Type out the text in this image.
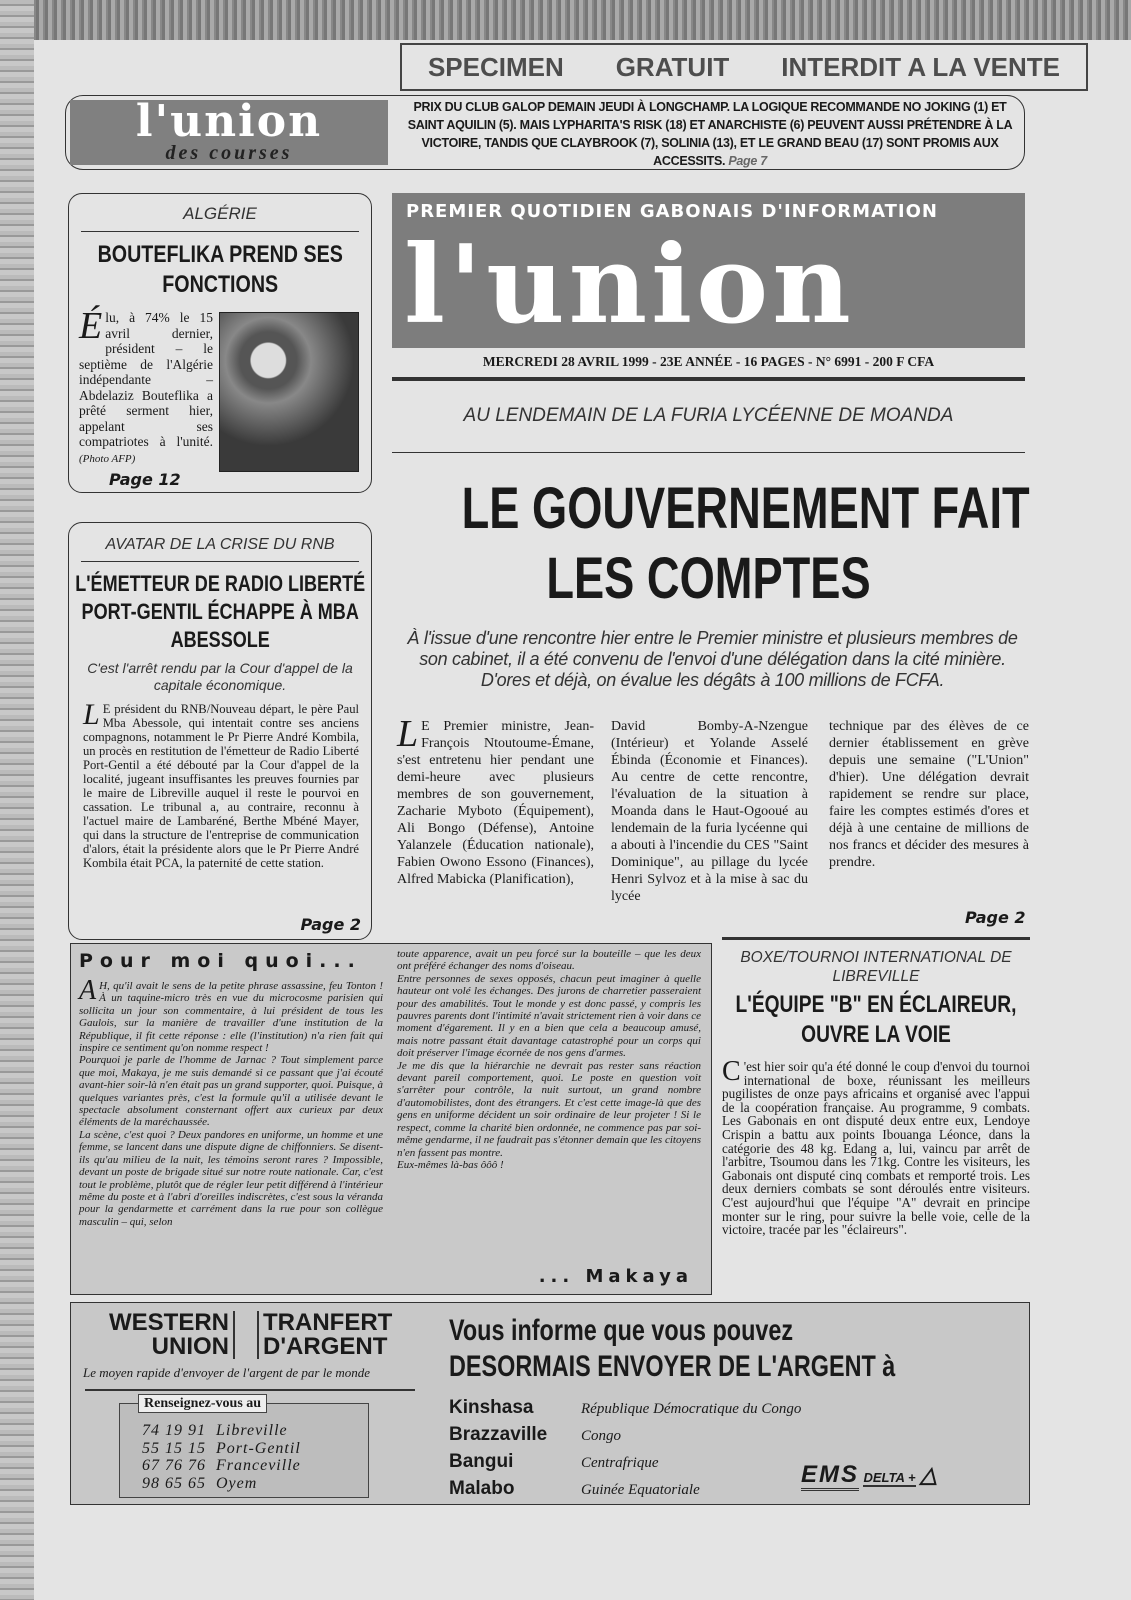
SPECIMEN GRATUIT INTERDIT A LA VENTE
l'union
des courses
PRIX DU CLUB GALOP DEMAIN JEUDI À LONGCHAMP. LA LOGIQUE RECOMMANDE NO JOKING (1) ET SAINT AQUILIN (5). MAIS LYPHARITA'S RISK (18) ET ANARCHISTE (6) PEUVENT AUSSI PRÉTENDRE À LA VICTOIRE, TANDIS QUE CLAYBROOK (7), SOLINIA (13), ET LE GRAND BEAU (17) SONT PROMIS AUX ACCESSITS. Page 7
PREMIER QUOTIDIEN GABONAIS D'INFORMATION
l'union
MERCREDI 28 AVRIL 1999 - 23E ANNÉE - 16 PAGES - N° 6991 - 200 F CFA
ALGÉRIE
BOUTEFLIKA PREND SES FONCTIONS
Élu, à 74% le 15 avril dernier, président – le septième de l'Algérie indépendante – Abdelaziz Bouteflika a prêté serment hier, appelant ses compatriotes à l'unité. (Photo AFP)
Page 12
AVATAR DE LA CRISE DU RNB
L'ÉMETTEUR DE RADIO LIBERTÉ PORT-GENTIL ÉCHAPPE À MBA ABESSOLE
C'est l'arrêt rendu par la Cour d'appel de la capitale économique.
L E président du RNB/Nouveau départ, le père Paul Mba Abessole, qui intentait contre ses anciens compagnons, notamment le Pr Pierre André Kombila, un procès en restitution de l'émetteur de Radio Liberté Port-Gentil a été débouté par la Cour d'appel de la localité, jugeant insuffisantes les preuves fournies par le maire de Libreville auquel il reste le pourvoi en cassation. Le tribunal a, au contraire, reconnu à l'actuel maire de Lambaréné, Berthe Mbéné Mayer, qui dans la structure de l'entreprise de communication d'alors, était la présidente alors que le Pr Pierre André Kombila était PCA, la paternité de cette station.
Page 2
AU LENDEMAIN DE LA FURIA LYCÉENNE DE MOANDA
LE GOUVERNEMENT FAIT
LES COMPTES
À l'issue d'une rencontre hier entre le Premier ministre et plusieurs membres de son cabinet, il a été convenu de l'envoi d'une délégation dans la cité minière. D'ores et déjà, on évalue les dégâts à 100 millions de FCFA.
L E Premier ministre, Jean-François Ntoutoume-Émane, s'est entretenu hier pendant une demi-heure avec plusieurs membres de son gouvernement, Zacharie Myboto (Équipement), Ali Bongo (Défense), Antoine Yalanzele (Éducation nationale), Fabien Owono Essono (Finances), Alfred Mabicka (Planification),
David Bomby-A-Nzengue (Intérieur) et Yolande Asselé Ébinda (Économie et Finances). Au centre de cette rencontre, l'évaluation de la situation à Moanda dans le Haut-Ogooué au lendemain de la furia lycéenne qui a abouti à l'incendie du CES "Saint Dominique", au pillage du lycée Henri Sylvoz et à la mise à sac du lycée
technique par des élèves de ce dernier établissement en grève depuis une semaine ("L'Union" d'hier). Une délégation devrait rapidement se rendre sur place, faire les comptes estimés d'ores et déjà à une centaine de millions de nos francs et décider des mesures à prendre.
Page 2
Pour moi quoi...
A H, qu'il avait le sens de la petite phrase assassine, feu Tonton ! À un taquine-micro très en vue du microcosme parisien qui sollicita un jour son commentaire, à lui président de tous les Gaulois, sur la manière de travailler d'une institution de la République, il fit cette réponse : elle (l'institution) n'a rien fait qui inspire ce sentiment qu'on nomme respect !
Pourquoi je parle de l'homme de Jarnac ? Tout simplement parce que moi, Makaya, je me suis demandé si ce passant que j'ai écouté avant-hier soir-là n'en était pas un grand supporter, quoi. Puisque, à quelques variantes près, c'est la formule qu'il a utilisée devant le spectacle absolument consternant offert aux curieux par deux éléments de la maréchaussée.
La scène, c'est quoi ? Deux pandores en uniforme, un homme et une femme, se lancent dans une dispute digne de chiffonniers. Se disent-ils qu'au milieu de la nuit, les témoins seront rares ? Impossible, devant un poste de brigade situé sur notre route nationale. Car, c'est tout le problème, plutôt que de régler leur petit différend à l'intérieur même du poste et à l'abri d'oreilles indiscrètes, c'est sous la véranda pour la gendarmette et carrément dans la rue pour son collègue masculin – qui, selon
toute apparence, avait un peu forcé sur la bouteille – que les deux ont préféré échanger des noms d'oiseau.
Entre personnes de sexes opposés, chacun peut imaginer à quelle hauteur ont volé les échanges. Des jurons de charretier passeraient pour des amabilités. Tout le monde y est donc passé, y compris les pauvres parents dont l'intimité n'avait strictement rien à voir dans ce moment d'égarement. Il y en a bien que cela a beaucoup amusé, mais notre passant était davantage catastrophé pour un corps qui doit préserver l'image écornée de nos gens d'armes.
Je me dis que la hiérarchie ne devrait pas rester sans réaction devant pareil comportement, quoi. Le poste en question voit s'arrêter pour contrôle, la nuit surtout, un grand nombre d'automobilistes, dont des étrangers. Et c'est cette image-là que des gens en uniforme décident un soir ordinaire de leur projeter ! Si le respect, comme la charité bien ordonnée, ne commence pas par soi-même gendarme, il ne faudrait pas s'étonner demain que les citoyens n'en fassent pas montre.
Eux-mêmes là-bas ôôô !
... Makaya
BOXE/TOURNOI INTERNATIONAL DE LIBREVILLE
L'ÉQUIPE "B" EN ÉCLAIREUR, OUVRE LA VOIE
C 'est hier soir qu'a été donné le coup d'envoi du tournoi international de boxe, réunissant les meilleurs pugilistes de onze pays africains et organisé avec l'appui de la coopération française. Au programme, 9 combats. Les Gabonais en ont disputé deux entre eux, Lendoye Crispin a battu aux points Ibouanga Léonce, dans la catégorie des 48 kg. Edang a, lui, vaincu par arrêt de l'arbitre, Tsoumou dans les 71kg. Contre les visiteurs, les Gabonais ont disputé cinq combats et remporté trois. Les deux derniers combats se sont déroulés entre visiteurs. C'est aujourd'hui que l'équipe "A" devrait en principe monter sur le ring, pour suivre la belle voie, celle de la victoire, tracée par les "éclaireurs".
WESTERN
UNION
TRANFERT
D'ARGENT
Le moyen rapide d'envoyer de l'argent de par le monde
Renseignez-vous au
74 19 91 Libreville
55 15 15 Port-Gentil
67 76 76 Franceville
98 65 65 Oyem
Vous informe que vous pouvez
DESORMAIS ENVOYER DE L'ARGENT à
Kinshasa	République Démocratique du Congo
Brazzaville Congo
Bangui	Centrafrique
Malabo	Guinée Equatoriale
EMS DELTA + △
